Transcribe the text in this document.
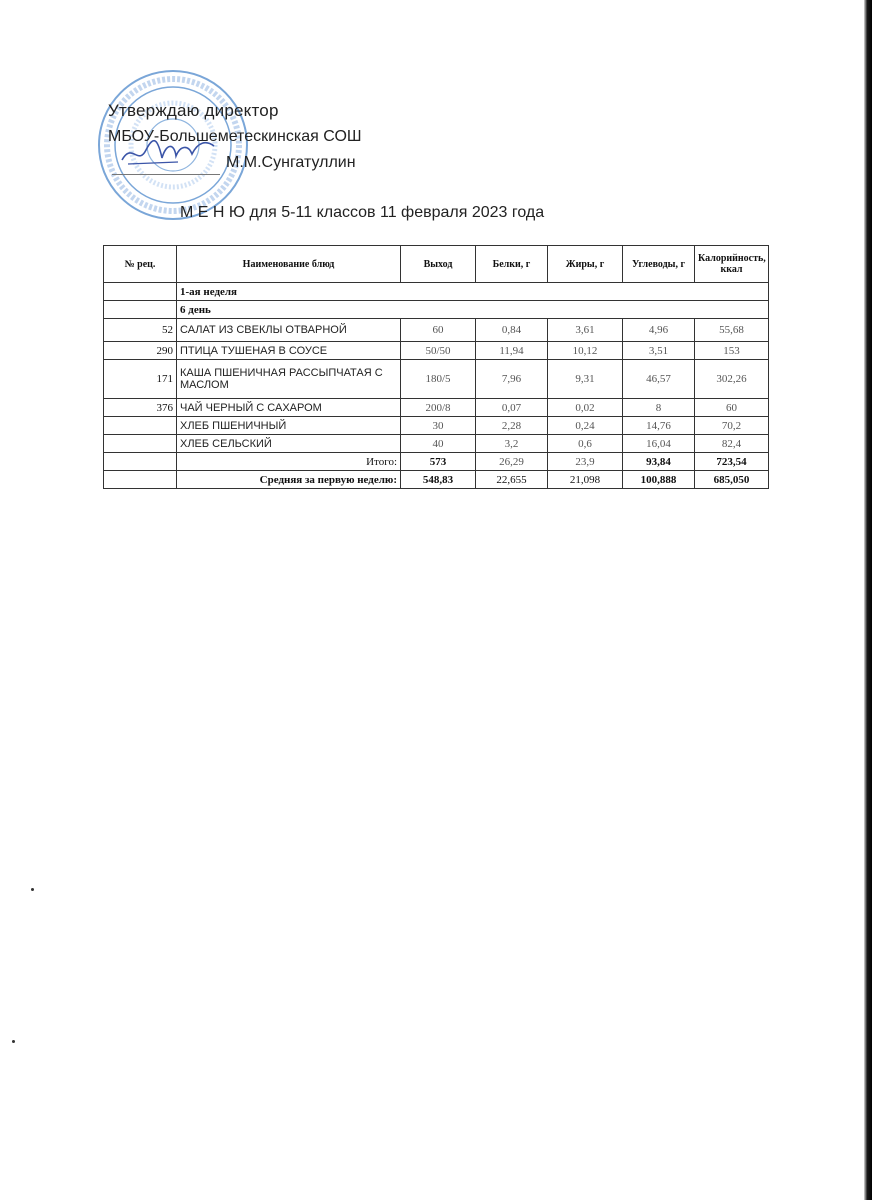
Утверждаю директор
МБОУ-Большеметескинская СОШ
М.М.Сунгатуллин
М Е Н Ю для 5-11 классов 11 февраля 2023 года
№ рец.	Наименование блюд	Выход	Белки, г	Жиры, г	Углеводы, г	Калорийность, ккал
	1-ая неделя					
	6 день					
52	САЛАТ ИЗ СВЕКЛЫ ОТВАРНОЙ	60	0,84	3,61	4,96	55,68
290	ПТИЦА ТУШЕНАЯ В СОУСЕ	50/50	11,94	10,12	3,51	153
171	КАША ПШЕНИЧНАЯ РАССЫПЧАТАЯ С МАСЛОМ	180/5	7,96	9,31	46,57	302,26
376	ЧАЙ ЧЕРНЫЙ С САХАРОМ	200/8	0,07	0,02	8	60
	ХЛЕБ ПШЕНИЧНЫЙ	30	2,28	0,24	14,76	70,2
	ХЛЕБ СЕЛЬСКИЙ	40	3,2	0,6	16,04	82,4
	Итого:	573	26,29	23,9	93,84	723,54
	Средняя за первую неделю:	548,83	22,655	21,098	100,888	685,050
